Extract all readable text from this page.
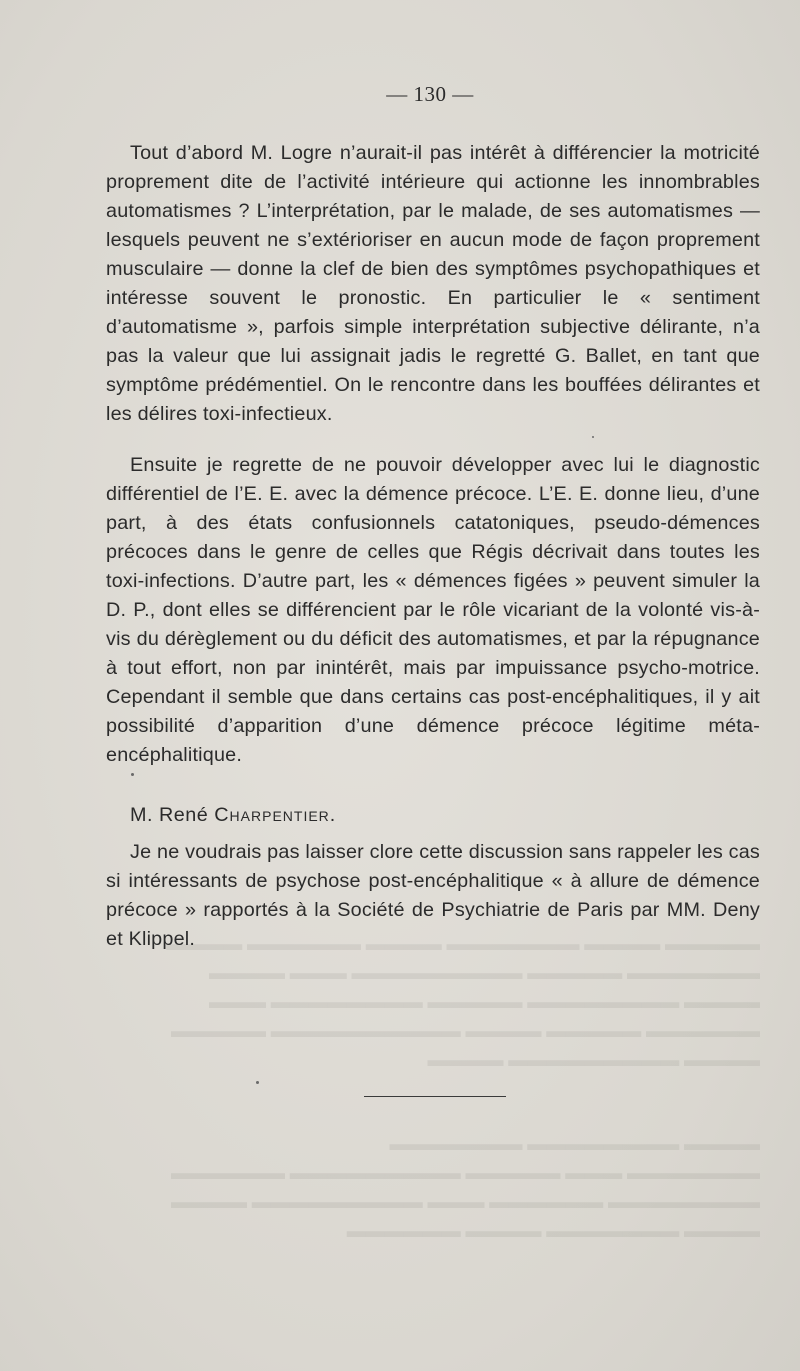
▬▬▬▬▬ ▬▬▬▬ ▬▬▬▬▬▬▬ ▬▬▬▬ ▬▬▬▬▬▬ ▬▬▬▬
▬▬▬▬▬▬▬ ▬▬▬▬▬ ▬▬▬▬▬▬▬▬▬ ▬▬▬ ▬▬▬▬
▬▬▬▬ ▬▬▬▬▬▬▬▬ ▬▬▬▬▬ ▬▬▬▬▬▬▬▬ ▬▬▬
▬▬▬▬▬▬ ▬▬▬▬▬ ▬▬▬▬ ▬▬▬▬▬▬▬▬▬▬ ▬▬▬▬▬
▬▬▬▬ ▬▬▬▬▬▬▬▬▬ ▬▬▬▬
▬▬▬▬ ▬▬▬▬▬▬▬▬ ▬▬▬▬▬▬▬
▬▬▬▬▬▬▬ ▬▬▬ ▬▬▬▬▬ ▬▬▬▬▬▬▬▬▬ ▬▬▬▬▬▬
▬▬▬▬▬▬▬▬ ▬▬▬▬▬▬ ▬▬▬ ▬▬▬▬▬▬▬▬▬ ▬▬▬▬
▬▬▬▬ ▬▬▬▬▬▬▬ ▬▬▬▬ ▬▬▬▬▬▬
— 130 —

Tout d’abord M. Logre n’aurait-il pas intérêt à différencier la motricité proprement dite de l’activité intérieure qui actionne les innombrables automatismes ? L’interprétation, par le malade, de ses automatismes — lesquels peuvent ne s’extérioriser en aucun mode de façon proprement musculaire — donne la clef de bien des symptômes psychopathiques et intéresse souvent le pronostic. En particulier le « sentiment d’automatisme », parfois simple interprétation subjective délirante, n’a pas la valeur que lui assignait jadis le regretté G. Ballet, en tant que symptôme prédémentiel. On le rencontre dans les bouffées délirantes et les délires toxi-infectieux.

Ensuite je regrette de ne pouvoir développer avec lui le diagnostic différentiel de l’E. E. avec la démence précoce. L’E. E. donne lieu, d’une part, à des états confusionnels catatoniques, pseudo-démences précoces dans le genre de celles que Régis décrivait dans toutes les toxi-infections. D’autre part, les « démences figées » peuvent simuler la D. P., dont elles se différencient par le rôle vicariant de la volonté vis-à-vis du dérèglement ou du déficit des automatismes, et par la répugnance à tout effort, non par inintérêt, mais par impuissance psycho-motrice. Cependant il semble que dans certains cas post-encéphalitiques, il y ait possibilité d’apparition d’une démence précoce légitime méta-encéphalitique.

M. René Charpentier.

Je ne voudrais pas laisser clore cette discussion sans rappeler les cas si intéressants de psychose post-encéphalitique « à allure de démence précoce » rapportés à la Société de Psychiatrie de Paris par MM. Deny et Klippel.
